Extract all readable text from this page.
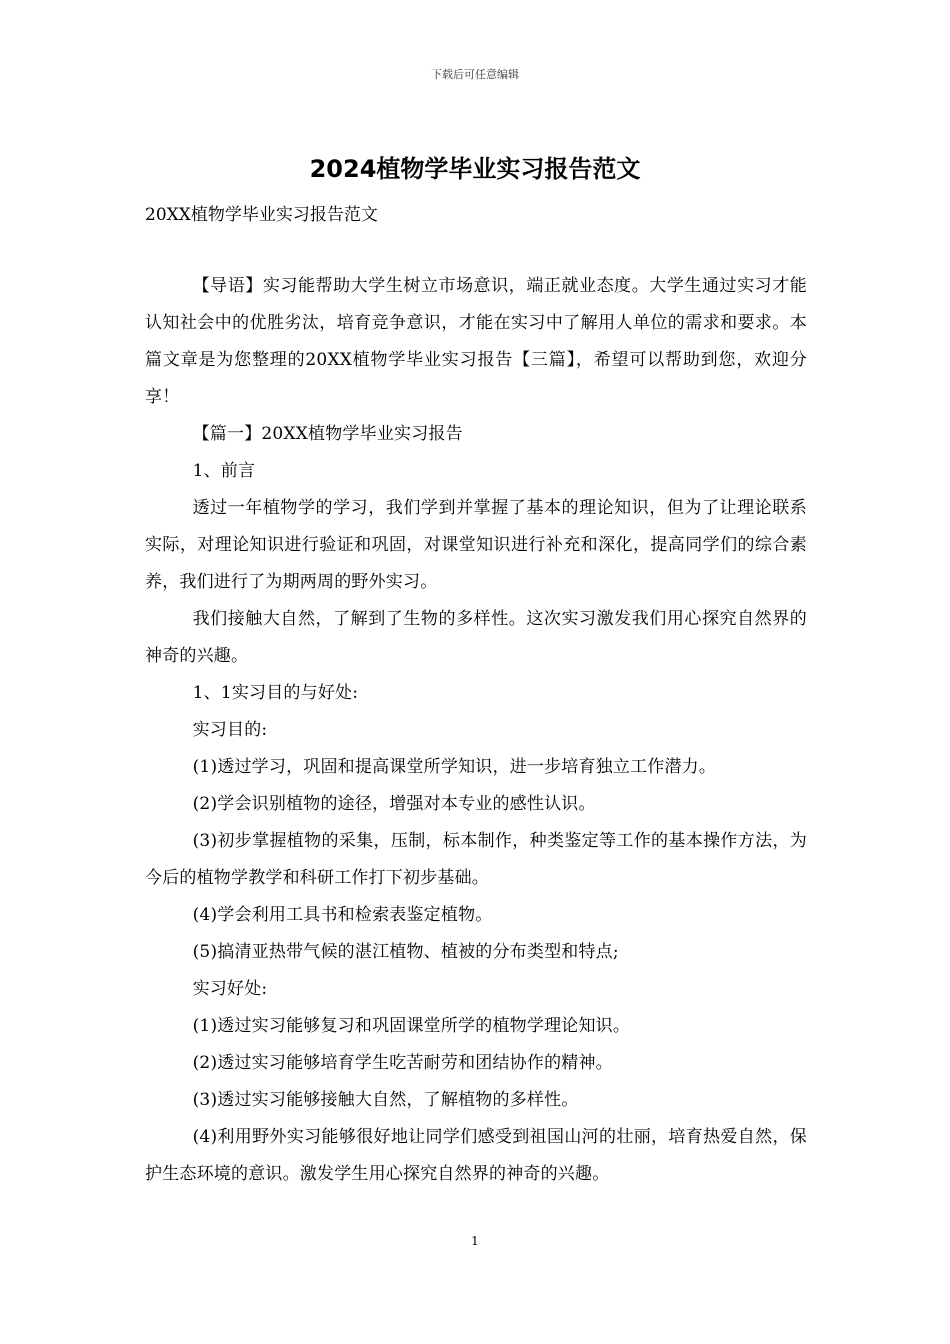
下载后可任意编辑
2024植物学毕业实习报告范文
20XX植物学毕业实习报告范文

【导语】实习能帮助大学生树立市场意识，端正就业态度。大学生通过实习才能认知社会中的优胜劣汰，培育竞争意识，才能在实习中了解用人单位的需求和要求。本篇文章是为您整理的20XX植物学毕业实习报告【三篇】，希望可以帮助到您，欢迎分享！

【篇一】20XX植物学毕业实习报告

1、前言

透过一年植物学的学习，我们学到并掌握了基本的理论知识，但为了让理论联系实际，对理论知识进行验证和巩固，对课堂知识进行补充和深化，提高同学们的综合素养，我们进行了为期两周的野外实习。

我们接触大自然，了解到了生物的多样性。这次实习激发我们用心探究自然界的神奇的兴趣。

1、1实习目的与好处:

实习目的:

(1)透过学习，巩固和提高课堂所学知识，进一步培育独立工作潜力。

(2)学会识别植物的途径，增强对本专业的感性认识。

(3)初步掌握植物的采集，压制，标本制作，种类鉴定等工作的基本操作方法，为今后的植物学教学和科研工作打下初步基础。

(4)学会利用工具书和检索表鉴定植物。

(5)搞清亚热带气候的湛江植物、植被的分布类型和特点;

实习好处:

(1)透过实习能够复习和巩固课堂所学的植物学理论知识。

(2)透过实习能够培育学生吃苦耐劳和团结协作的精神。

(3)透过实习能够接触大自然，了解植物的多样性。

(4)利用野外实习能够很好地让同学们感受到祖国山河的壮丽，培育热爱自然，保护生态环境的意识。激发学生用心探究自然界的神奇的兴趣。

1
